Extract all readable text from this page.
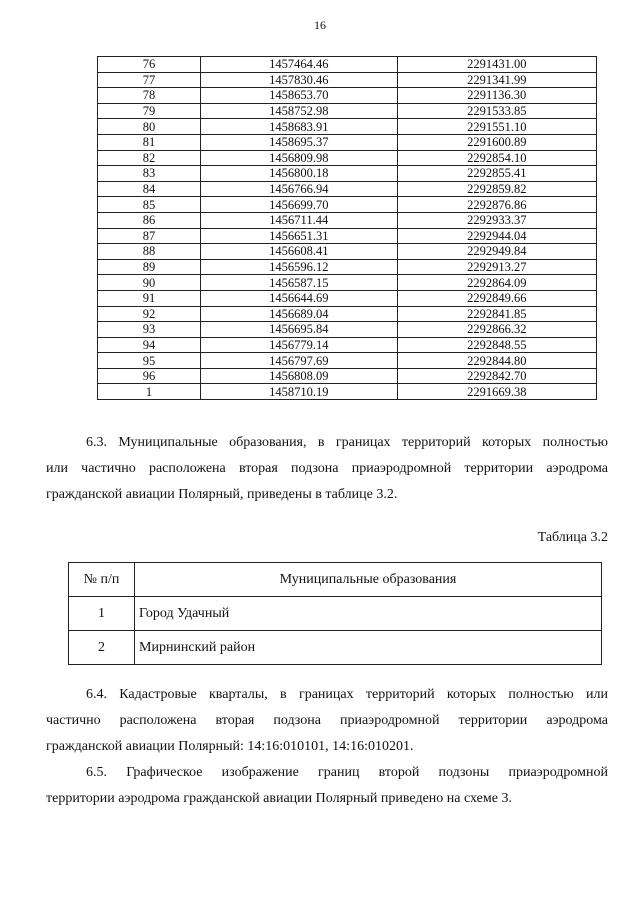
16
76	1457464.46	2291431.00
77	1457830.46	2291341.99
78	1458653.70	2291136.30
79	1458752.98	2291533.85
80	1458683.91	2291551.10
81	1458695.37	2291600.89
82	1456809.98	2292854.10
83	1456800.18	2292855.41
84	1456766.94	2292859.82
85	1456699.70	2292876.86
86	1456711.44	2292933.37
87	1456651.31	2292944.04
88	1456608.41	2292949.84
89	1456596.12	2292913.27
90	1456587.15	2292864.09
91	1456644.69	2292849.66
92	1456689.04	2292841.85
93	1456695.84	2292866.32
94	1456779.14	2292848.55
95	1456797.69	2292844.80
96	1456808.09	2292842.70
1	1458710.19	2291669.38
6.3. Муниципальные образования, в границах территорий которых полностью
или частично расположена вторая подзона приаэродромной территории аэродрома
гражданской авиации Полярный, приведены в таблице 3.2.
Таблица 3.2
№ п/п	Муниципальные образования
1	Город Удачный
2	Мирнинский район
6.4. Кадастровые кварталы, в границах территорий которых полностью или
частично расположена вторая подзона приаэродромной территории аэродрома
гражданской авиации Полярный: 14:16:010101, 14:16:010201.
6.5. Графическое изображение границ второй подзоны приаэродромной
территории аэродрома гражданской авиации Полярный приведено на схеме 3.
